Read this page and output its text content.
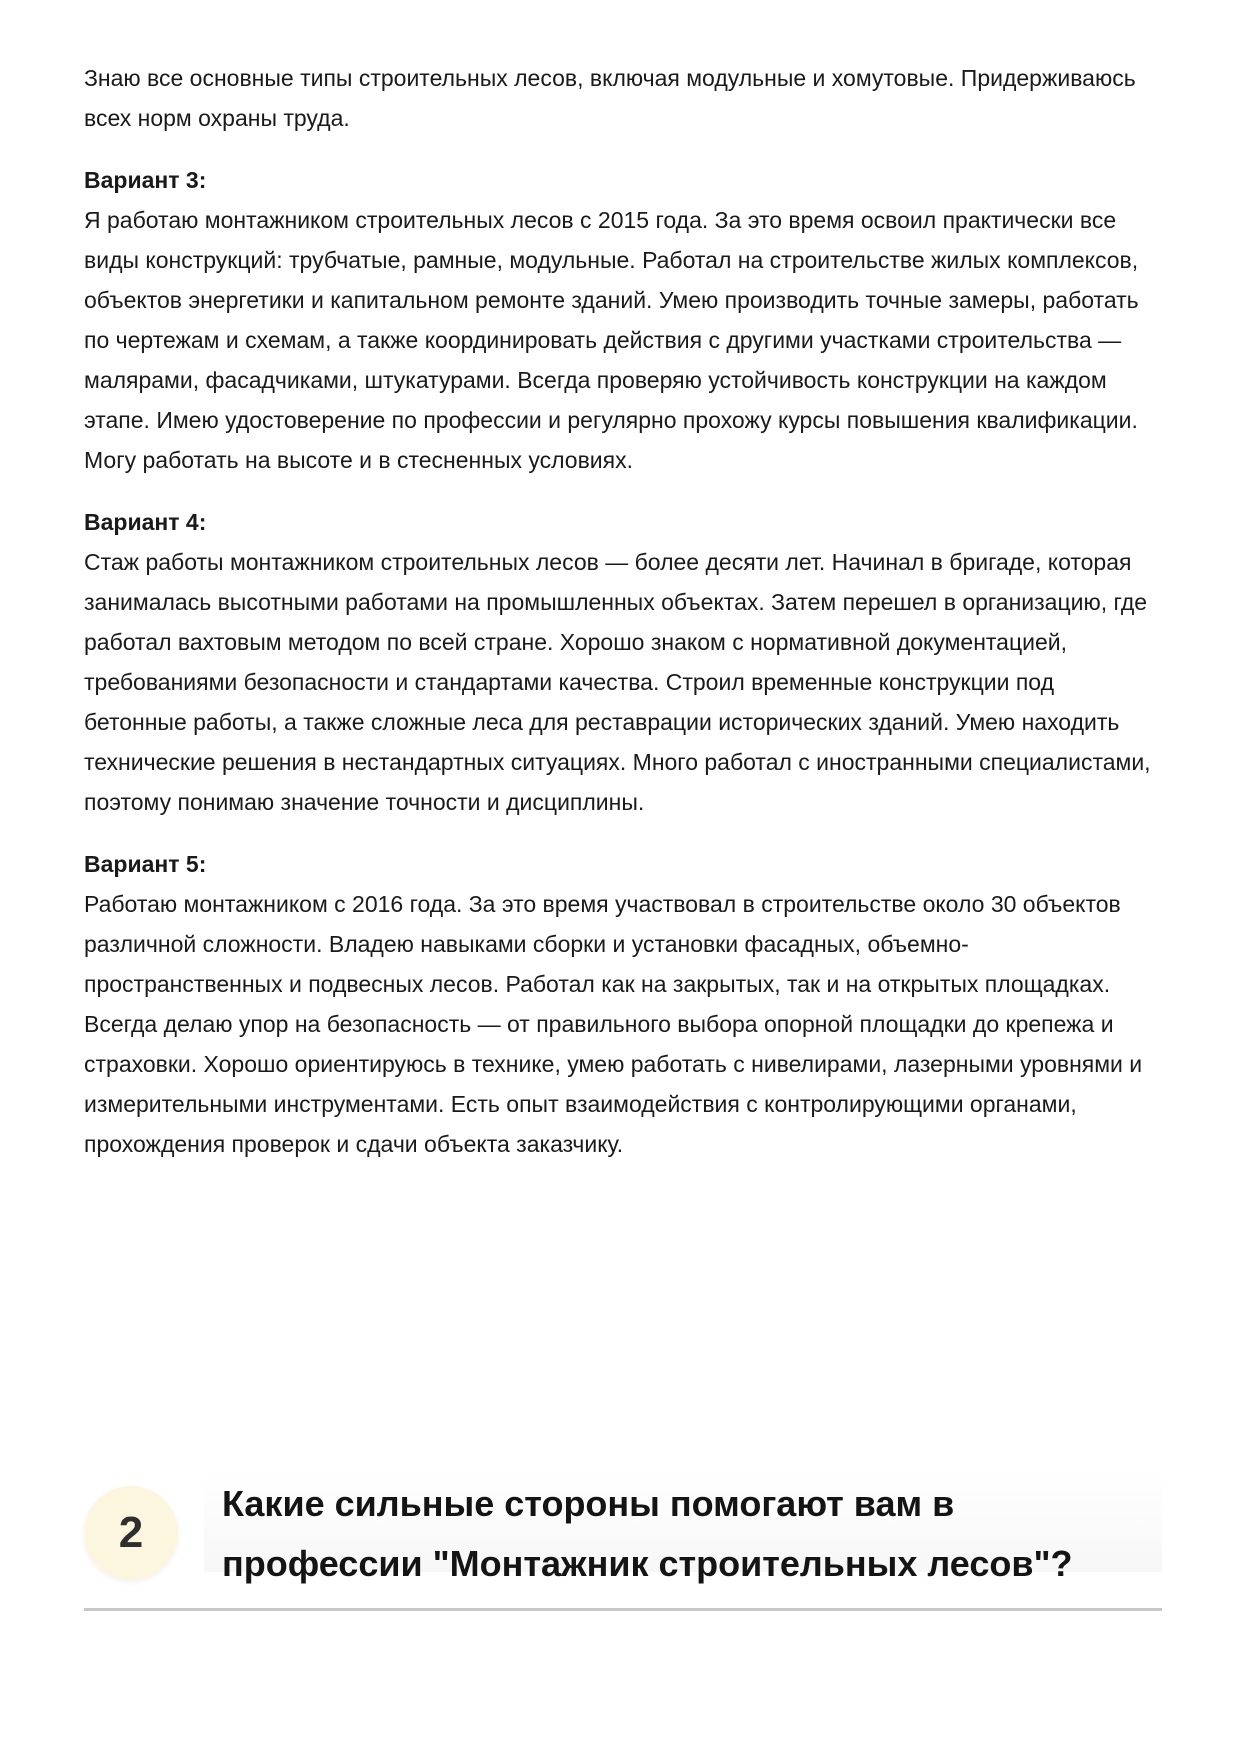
Знаю все основные типы строительных лесов, включая модульные и хомутовые. Придерживаюсь всех норм охраны труда.

Вариант 3:

Я работаю монтажником строительных лесов с 2015 года. За это время освоил практически все виды конструкций: трубчатые, рамные, модульные. Работал на строительстве жилых комплексов, объектов энергетики и капитальном ремонте зданий. Умею производить точные замеры, работать по чертежам и схемам, а также координировать действия с другими участками строительства — малярами, фасадчиками, штукатурами. Всегда проверяю устойчивость конструкции на каждом этапе. Имею удостоверение по профессии и регулярно прохожу курсы повышения квалификации. Могу работать на высоте и в стесненных условиях.

Вариант 4:

Стаж работы монтажником строительных лесов — более десяти лет. Начинал в бригаде, которая занималась высотными работами на промышленных объектах. Затем перешел в организацию, где работал вахтовым методом по всей стране. Хорошо знаком с нормативной документацией, требованиями безопасности и стандартами качества. Строил временные конструкции под бетонные работы, а также сложные леса для реставрации исторических зданий. Умею находить технические решения в нестандартных ситуациях. Много работал с иностранными специалистами, поэтому понимаю значение точности и дисциплины.

Вариант 5:

Работаю монтажником с 2016 года. За это время участвовал в строительстве около 30 объектов различной сложности. Владею навыками сборки и установки фасадных, объемно-пространственных и подвесных лесов. Работал как на закрытых, так и на открытых площадках. Всегда делаю упор на безопасность — от правильного выбора опорной площадки до крепежа и страховки. Хорошо ориентируюсь в технике, умею работать с нивелирами, лазерными уровнями и измерительными инструментами. Есть опыт взаимодействия с контролирующими органами, прохождения проверок и сдачи объекта заказчику.

2
Какие сильные стороны помогают вам в профессии "Монтажник строительных лесов"?
